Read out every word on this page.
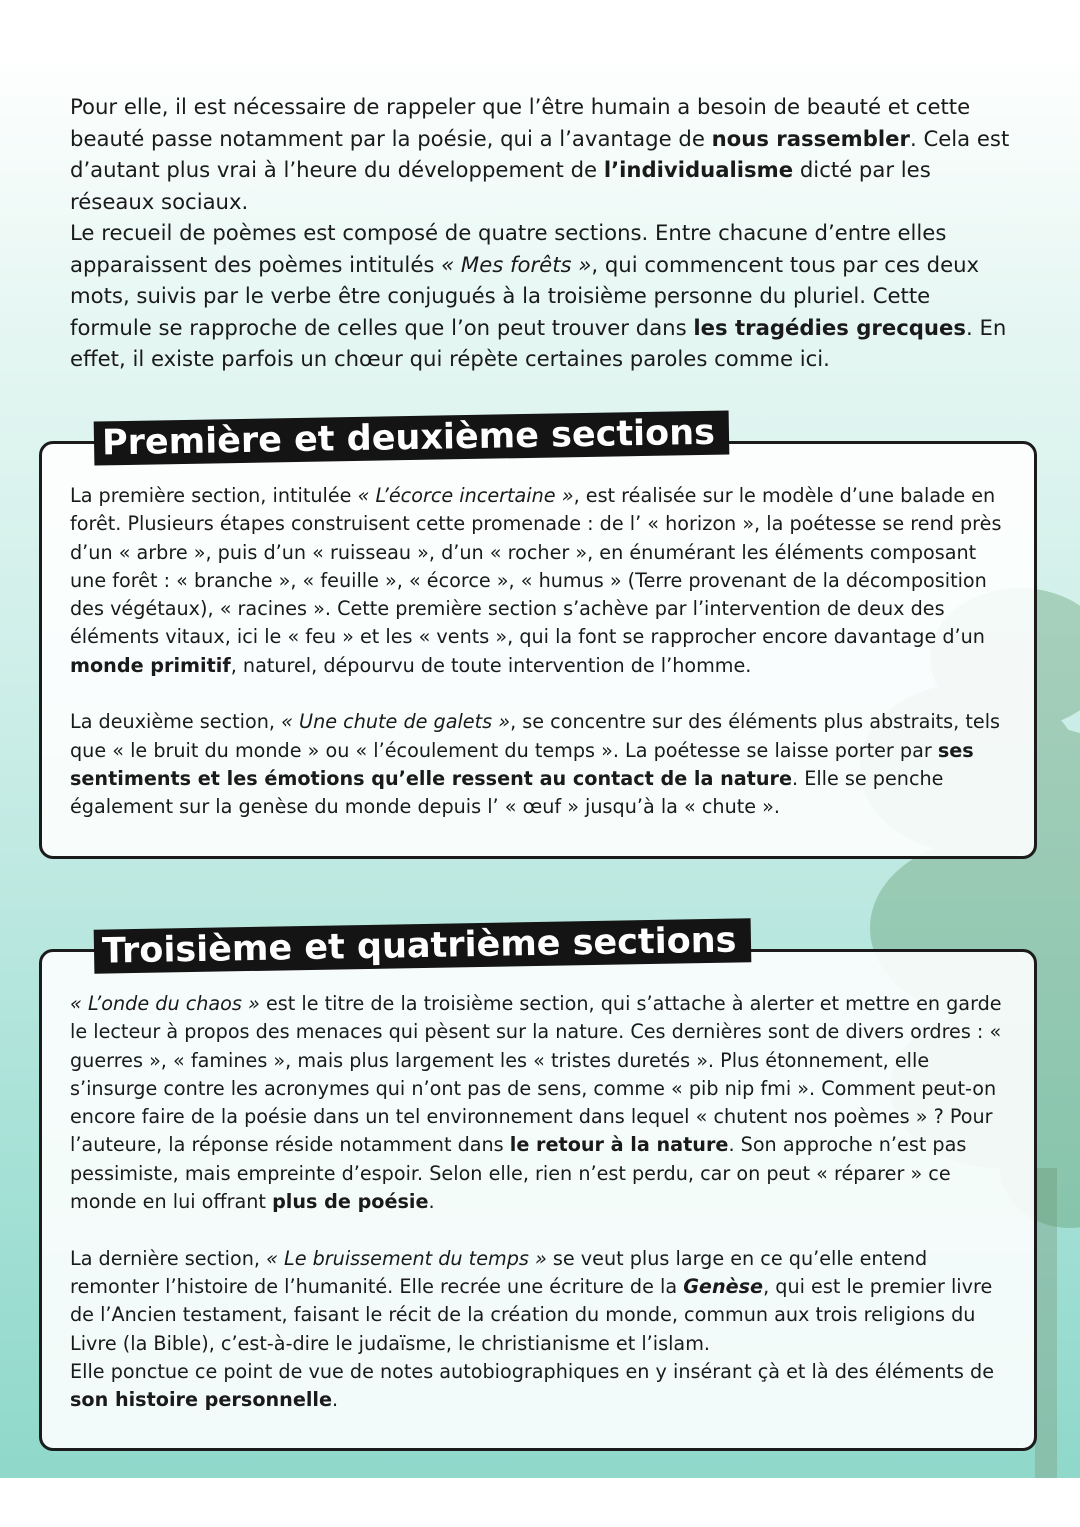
Pour elle, il est nécessaire de rappeler que l’être humain a besoin de beauté et cette beauté passe notamment par la poésie, qui a l’avantage de nous rassembler. Cela est d’autant plus vrai à l’heure du développement de l’individualisme dicté par les réseaux sociaux.

Le recueil de poèmes est composé de quatre sections. Entre chacune d’entre elles apparaissent des poèmes intitulés « Mes forêts », qui commencent tous par ces deux mots, suivis par le verbe être conjugués à la troisième personne du pluriel. Cette formule se rapproche de celles que l’on peut trouver dans les tragédies grecques. En effet, il existe parfois un chœur qui répète certaines paroles comme ici.

Première et deuxième sections

La première section, intitulée « L’écorce incertaine », est réalisée sur le modèle d’une balade en forêt. Plusieurs étapes construisent cette promenade : de l’ « horizon », la poétesse se rend près d’un « arbre », puis d’un « ruisseau », d’un « rocher », en énumérant les éléments composant une forêt : « branche », « feuille », « écorce », « humus » (Terre provenant de la décomposition des végétaux), « racines ». Cette première section s’achève par l’intervention de deux des éléments vitaux, ici le « feu » et les « vents », qui la font se rapprocher encore davantage d’un monde primitif, naturel, dépourvu de toute intervention de l’homme.

La deuxième section, « Une chute de galets », se concentre sur des éléments plus abstraits, tels que « le bruit du monde » ou « l’écoulement du temps ». La poétesse se laisse porter par ses sentiments et les émotions qu’elle ressent au contact de la nature. Elle se penche également sur la genèse du monde depuis l’ « œuf » jusqu’à la « chute ».

Troisième et quatrième sections

« L’onde du chaos » est le titre de la troisième section, qui s’attache à alerter et mettre en garde le lecteur à propos des menaces qui pèsent sur la nature. Ces dernières sont de divers ordres : « guerres », « famines », mais plus largement les « tristes duretés ». Plus étonnement, elle s’insurge contre les acronymes qui n’ont pas de sens, comme « pib nip fmi ». Comment peut-on encore faire de la poésie dans un tel environnement dans lequel « chutent nos poèmes » ? Pour l’auteure, la réponse réside notamment dans le retour à la nature. Son approche n’est pas pessimiste, mais empreinte d’espoir. Selon elle, rien n’est perdu, car on peut « réparer » ce monde en lui offrant plus de poésie.

La dernière section, « Le bruissement du temps » se veut plus large en ce qu’elle entend remonter l’histoire de l’humanité. Elle recrée une écriture de la Genèse, qui est le premier livre de l’Ancien testament, faisant le récit de la création du monde, commun aux trois religions du Livre (la Bible), c’est-à-dire le judaïsme, le christianisme et l’islam.

Elle ponctue ce point de vue de notes autobiographiques en y insérant çà et là des éléments de son histoire personnelle.
